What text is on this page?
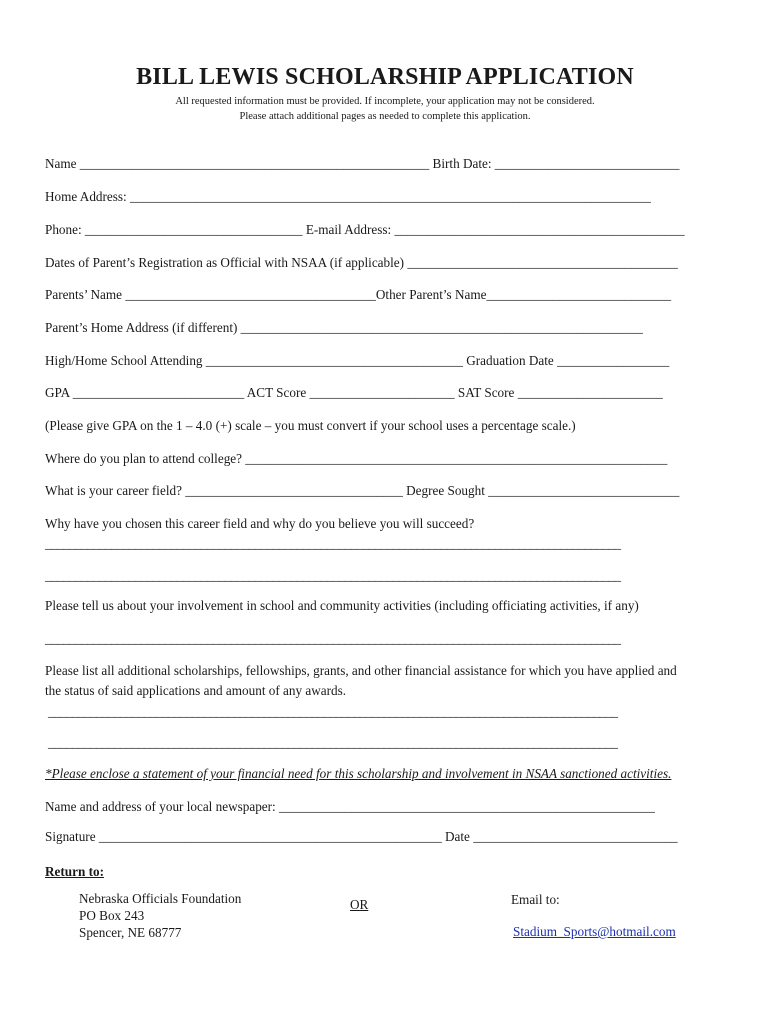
BILL LEWIS SCHOLARSHIP APPLICATION
All requested information must be provided. If incomplete, your application may not be considered.
Please attach additional pages as needed to complete this application.
Name _____________________________________________________ Birth Date: ____________________________
Home Address: _______________________________________________________________________________
Phone: _________________________________ E-mail Address: ____________________________________________
Dates of Parent’s Registration as Official with NSAA (if applicable) _________________________________________
Parents’ Name ______________________________________Other Parent’s Name____________________________
Parent’s Home Address (if different) _____________________________________________________________
High/Home School Attending _______________________________________ Graduation Date _________________
GPA __________________________ ACT Score ______________________ SAT Score ______________________
(Please give GPA on the 1 – 4.0 (+) scale – you must convert if your school uses a percentage scale.)
Where do you plan to attend college? ________________________________________________________________
What is your career field? _________________________________ Degree Sought _____________________________
Why have you chosen this career field and why do you believe you will succeed?
________________________________________________________________________________________________
________________________________________________________________________________________________
Please tell us about your involvement in school and community activities (including officiating activities, if any)
________________________________________________________________________________________________
Please list all additional scholarships, fellowships, grants, and other financial assistance for which you have applied and
the status of said applications and amount of any awards.
_______________________________________________________________________________________________
_______________________________________________________________________________________________
*Please enclose a statement of your financial need for this scholarship and involvement in NSAA sanctioned activities.
Name and address of your local newspaper: _________________________________________________________
Signature ____________________________________________________ Date _______________________________
Return to:
Nebraska Officials Foundation
PO Box 243
Spencer, NE 68777
OR	Email to:
Stadium_Sports@hotmail.com
